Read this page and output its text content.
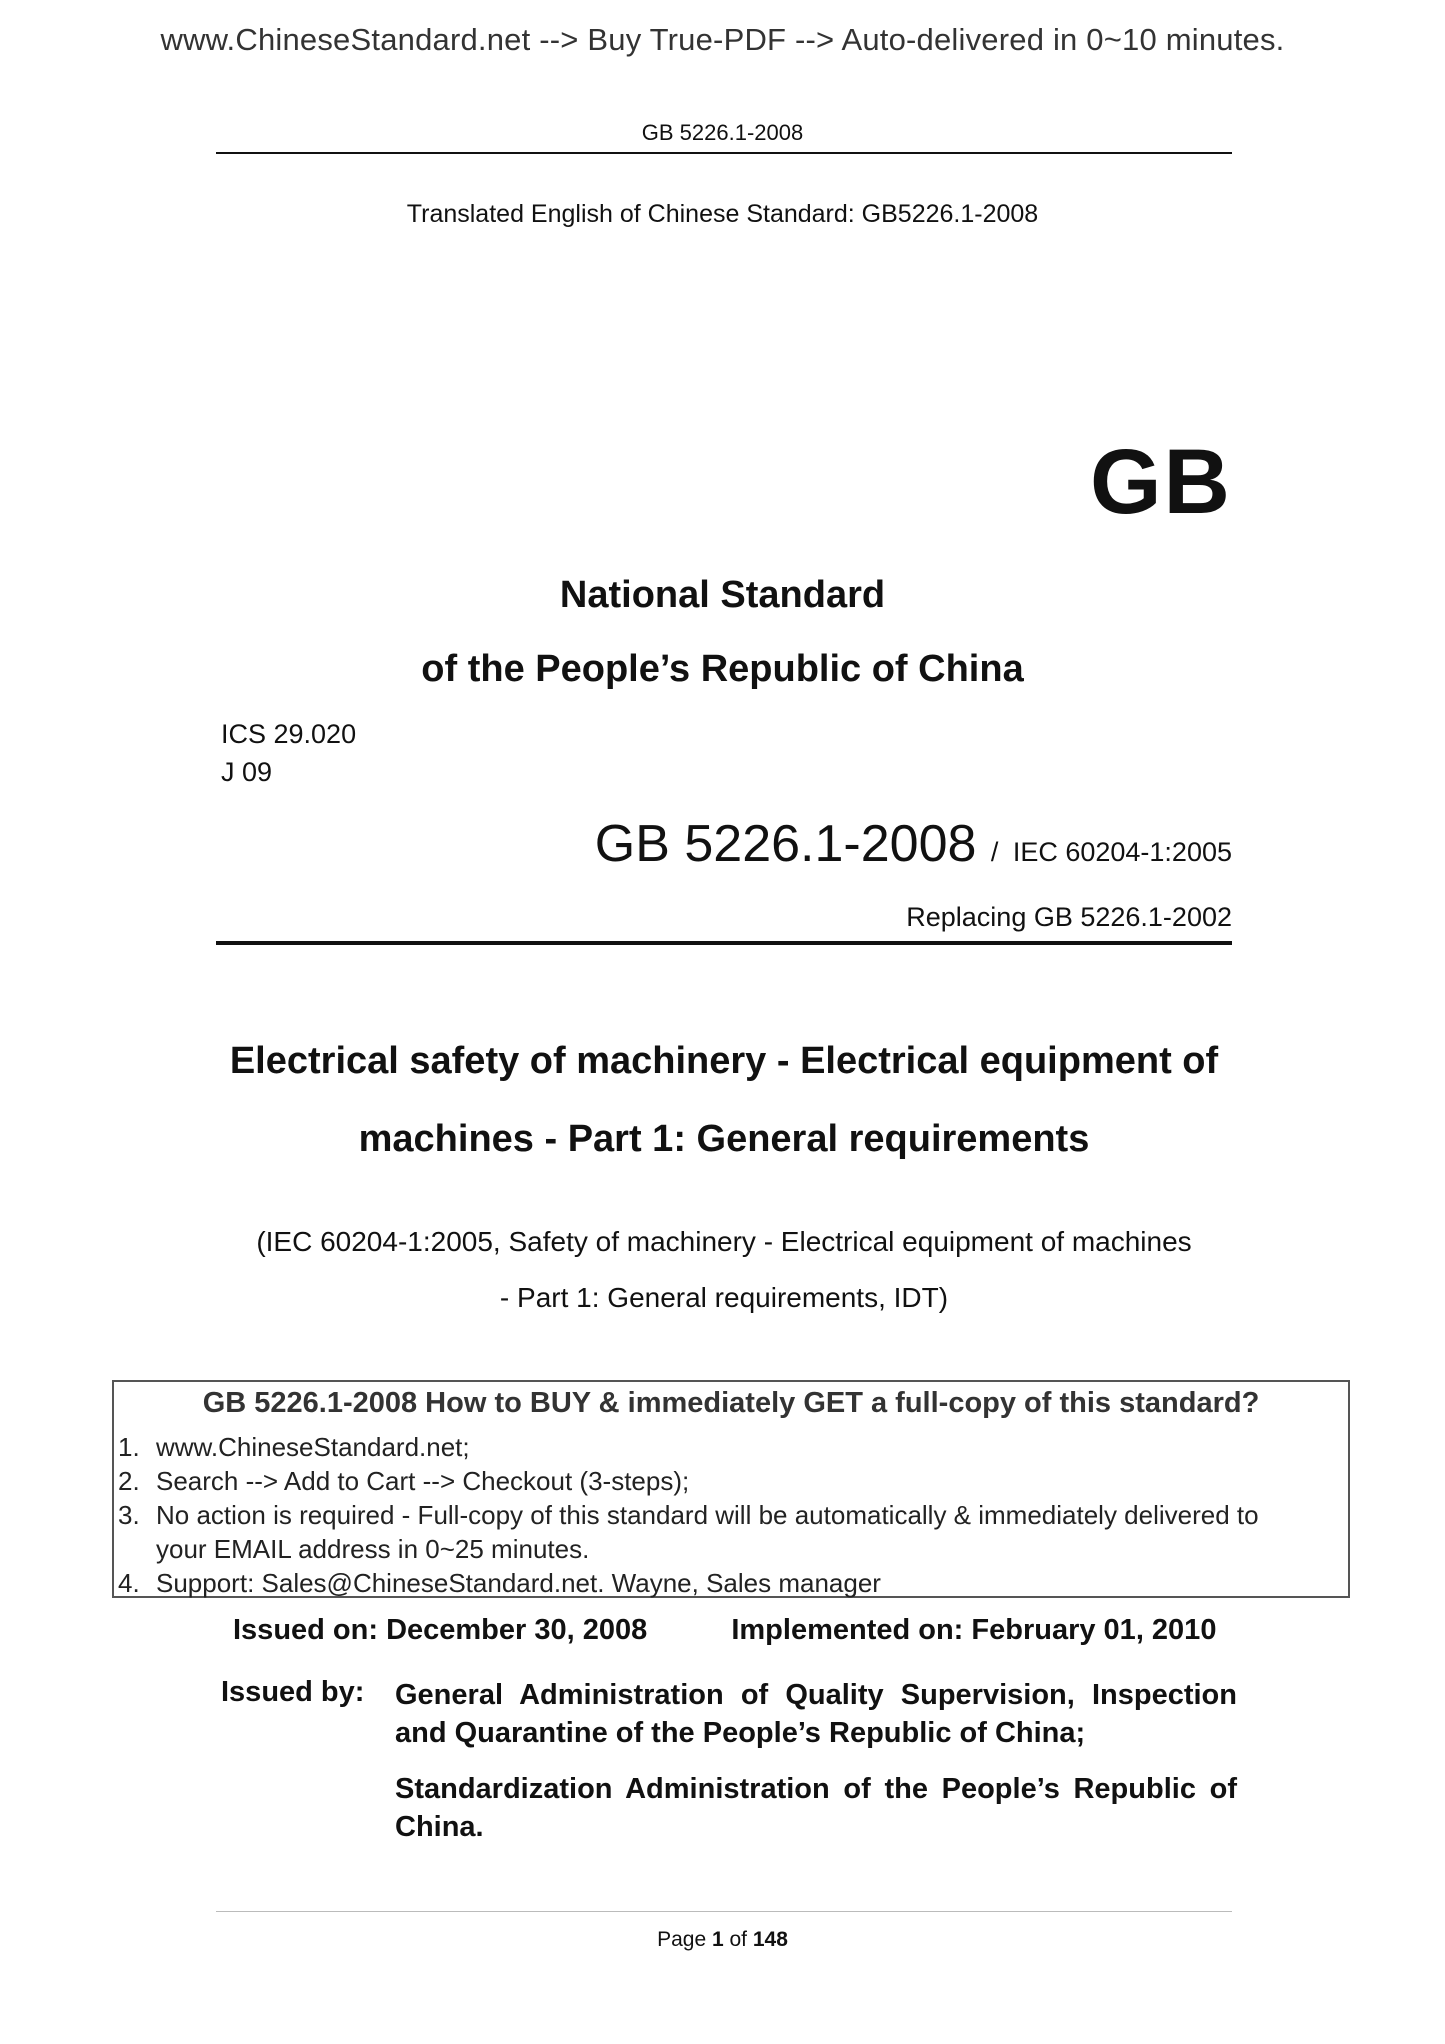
www.ChineseStandard.net --> Buy True-PDF --> Auto-delivered in 0~10 minutes.
GB 5226.1-2008
Translated English of Chinese Standard: GB5226.1-2008
GB
National Standard
of the People’s Republic of China
ICS 29.020
J 09
GB 5226.1-2008 / IEC 60204-1:2005
Replacing GB 5226.1-2002
Electrical safety of machinery - Electrical equipment of
machines - Part 1: General requirements
(IEC 60204-1:2005, Safety of machinery - Electrical equipment of machines
- Part 1: General requirements, IDT)
GB 5226.1-2008 How to BUY & immediately GET a full-copy of this standard?
1. www.ChineseStandard.net;
2. Search --> Add to Cart --> Checkout (3-steps);
3. No action is required - Full-copy of this standard will be automatically & immediately delivered to
your EMAIL address in 0~25 minutes.
4. Support: Sales@ChineseStandard.net. Wayne, Sales manager
Issued on: December 30, 2008	Implemented on: February 01, 2010
Issued by: General Administration of Quality Supervision, Inspection and Quarantine of the People’s Republic of China;
Standardization Administration of the People’s Republic of China.
Page 1 of 148
